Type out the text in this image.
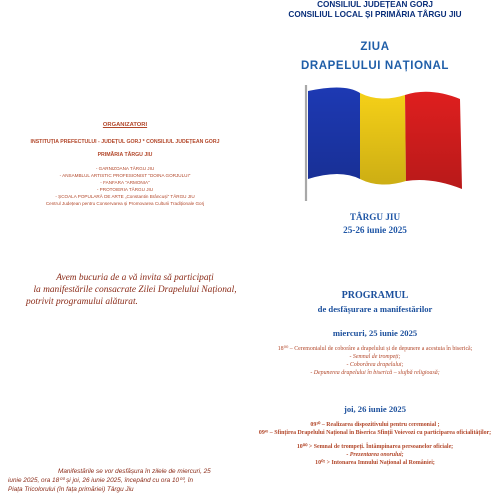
CONSILIUL JUDEȚEAN GORJ
CONSILIUL LOCAL ȘI PRIMĂRIA TÂRGU JIU
ZIUA
DRAPELULUI NAȚIONAL
TÂRGU JIU
25-26 iunie 2025
PROGRAMUL
de desfășurare a manifestărilor
miercuri, 25 iunie 2025
18⁰⁰ – Ceremonialul de coborâre a drapelului și de depunere a acestuia în biserică;
- Semnal de trompeți;
- Coborârea drapelului;
- Depunerea drapelului în biserică – slujbă religioasă;
joi, 26 iunie 2025
09³⁰ – Realizarea dispozitivului pentru ceremonial ;
09⁴⁵ – Sfințirea Drapelului Național în Biserica Sfinții Voievozi cu participarea oficialităților;
10⁰⁰ > Semnal de trompeți. Întâmpinarea persoanelor oficiale;
- Prezentarea onorului;
10⁰² > Intonarea Imnului Național al României;
ORGANIZATORI
INSTITUȚIA PREFECTULUI - JUDEȚUL GORJ * CONSILIUL JUDEȚEAN GORJ
PRIMĂRIA TÂRGU JIU
- GARNIZOANA TÂRGU JIU
- ANSAMBLUL ARTISTIC PROFESIONIST "DOINA GORJULUI"
- FANFARA "ARMONIA"
- PROTOIERIA TÂRGU JIU
- ȘCOALA POPULARĂ DE ARTE „Constantin Brâncuși" TÂRGU JIU
Centrul Județean pentru Conservarea și Promovarea Culturii Tradiționale Gorj
Avem bucuria de a vă invita să participați
la manifestările consacrate Zilei Drapelului Național,
potrivit programului alăturat.
Manifestările se vor desfășura în zilele de miercuri, 25
iunie 2025, ora 18⁰⁰ și joi, 26 iunie 2025, începând cu ora 10⁰⁰, în
Piața Tricolorului (în fața primăriei) Târgu Jiu
